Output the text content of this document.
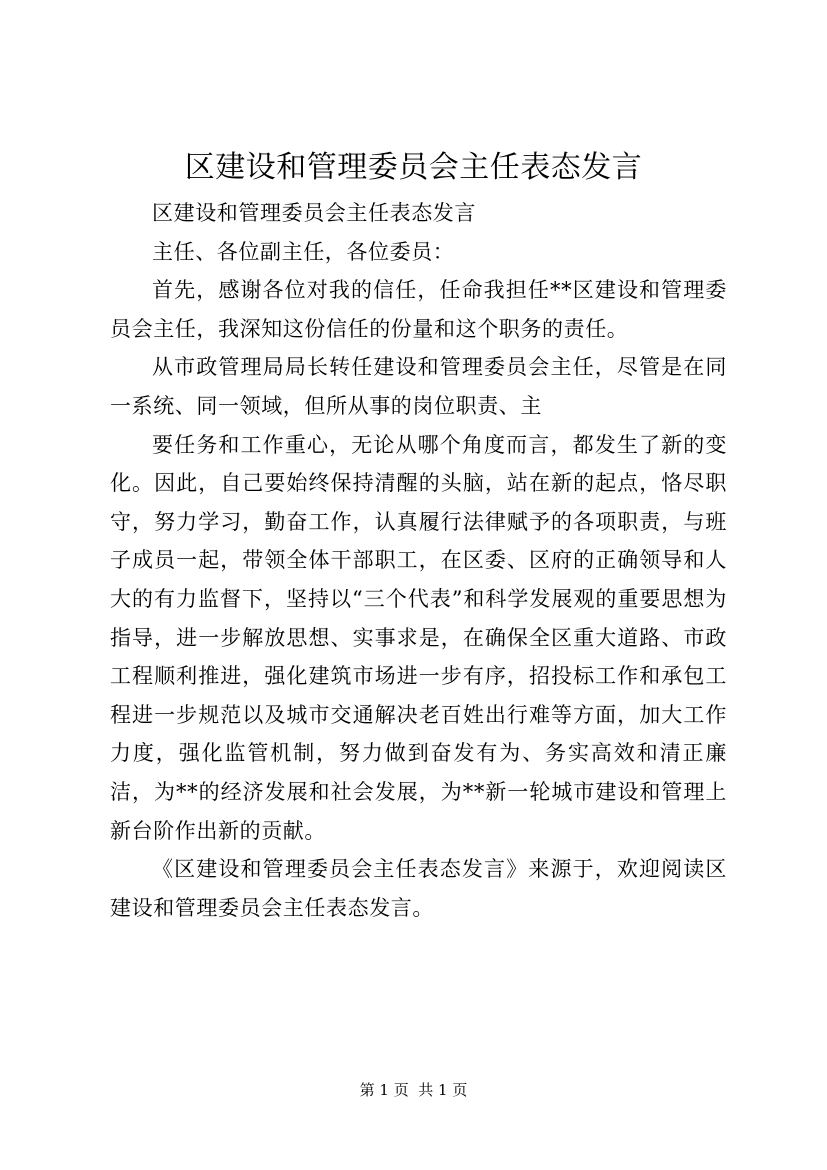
区建设和管理委员会主任表态发言

区建设和管理委员会主任表态发言

主任、各位副主任，各位委员：

首先，感谢各位对我的信任，任命我担任**区建设和管理委员会主任，我深知这份信任的份量和这个职务的责任。

从市政管理局局长转任建设和管理委员会主任，尽管是在同一系统、同一领域，但所从事的岗位职责、主

要任务和工作重心，无论从哪个角度而言，都发生了新的变化。因此，自己要始终保持清醒的头脑，站在新的起点，恪尽职守，努力学习，勤奋工作，认真履行法律赋予的各项职责，与班子成员一起，带领全体干部职工，在区委、区府的正确领导和人大的有力监督下，坚持以“三个代表”和科学发展观的重要思想为指导，进一步解放思想、实事求是，在确保全区重大道路、市政工程顺利推进，强化建筑市场进一步有序，招投标工作和承包工程进一步规范以及城市交通解决老百姓出行难等方面，加大工作力度，强化监管机制，努力做到奋发有为、务实高效和清正廉洁，为**的经济发展和社会发展，为**新一轮城市建设和管理上新台阶作出新的贡献。

《区建设和管理委员会主任表态发言》来源于，欢迎阅读区建设和管理委员会主任表态发言。

第 1 页  共 1 页
